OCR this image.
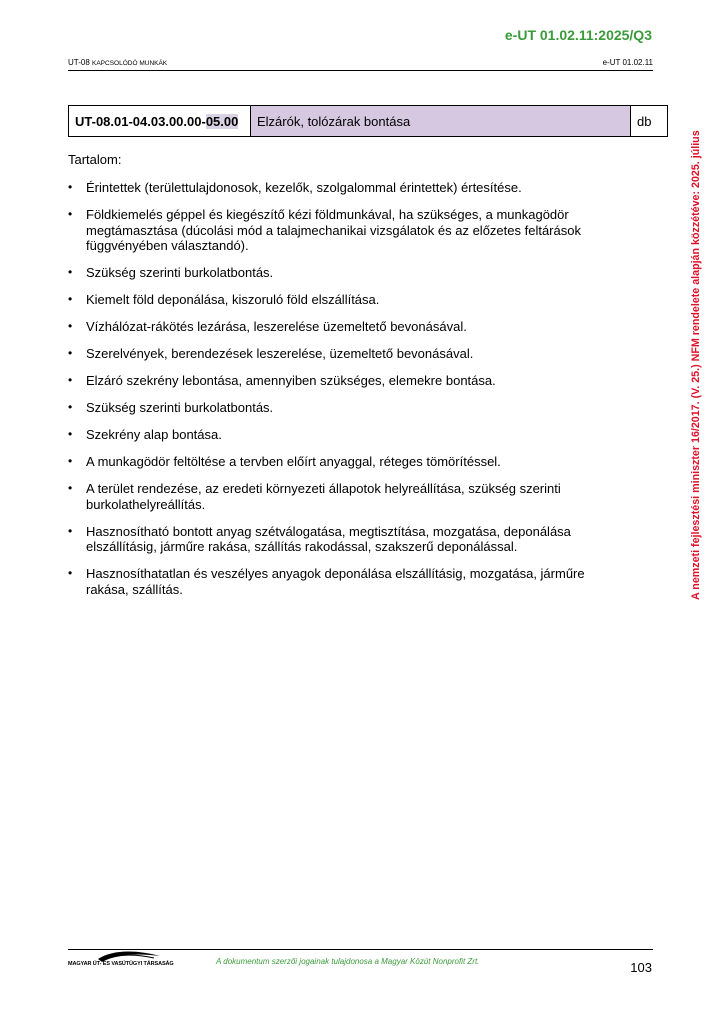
e-UT 01.02.11:2025/Q3
UT-08 KAPCSOLÓDÓ MUNKÁK	e-UT 01.02.11
UT-08.01-04.03.00.00- 05.00	Elzárók, tolózárak bontása	db
Tartalom:
• Érintettek (területtulajdonosok, kezelők, szolgalommal érintettek) értesítése.
• Földkiemelés géppel és kiegészítő kézi földmunkával, ha szükséges, a munkagödör megtámasztása (dúcolási mód a talajmechanikai vizsgálatok és az előzetes feltárások függvényében választandó).
• Szükség szerinti burkolatbontás.
• Kiemelt föld deponálása, kiszoruló föld elszállítása.
• Vízhálózat-rákötés lezárása, leszerelése üzemeltető bevonásával.
• Szerelvények, berendezések leszerelése, üzemeltető bevonásával.
• Elzáró szekrény lebontása, amennyiben szükséges, elemekre bontása.
• Szükség szerinti burkolatbontás.
• Szekrény alap bontása.
• A munkagödör feltöltése a tervben előírt anyaggal, réteges tömörítéssel.
• A terület rendezése, az eredeti környezeti állapotok helyreállítása, szükség szerinti burkolathelyreállítás.
• Hasznosítható bontott anyag szétválogatása, megtisztítása, mozgatása, deponálása elszállításig, járműre rakása, szállítás rakodással, szakszerű deponálással.
• Hasznosíthatatlan és veszélyes anyagok deponálása elszállításig, mozgatása, járműre rakása, szállítás.	A nemzeti fejlesztési miniszter 16/2017. (V. 25.) NFM rendelete alapján közzétéve: 2025. július
MAGYAR ÚT- ÉS VASÚTÜGYI TÁRSASÁG	A dokumentum szerzői jogainak tulajdonosa a Magyar Közút Nonprofit Zrt.	103
